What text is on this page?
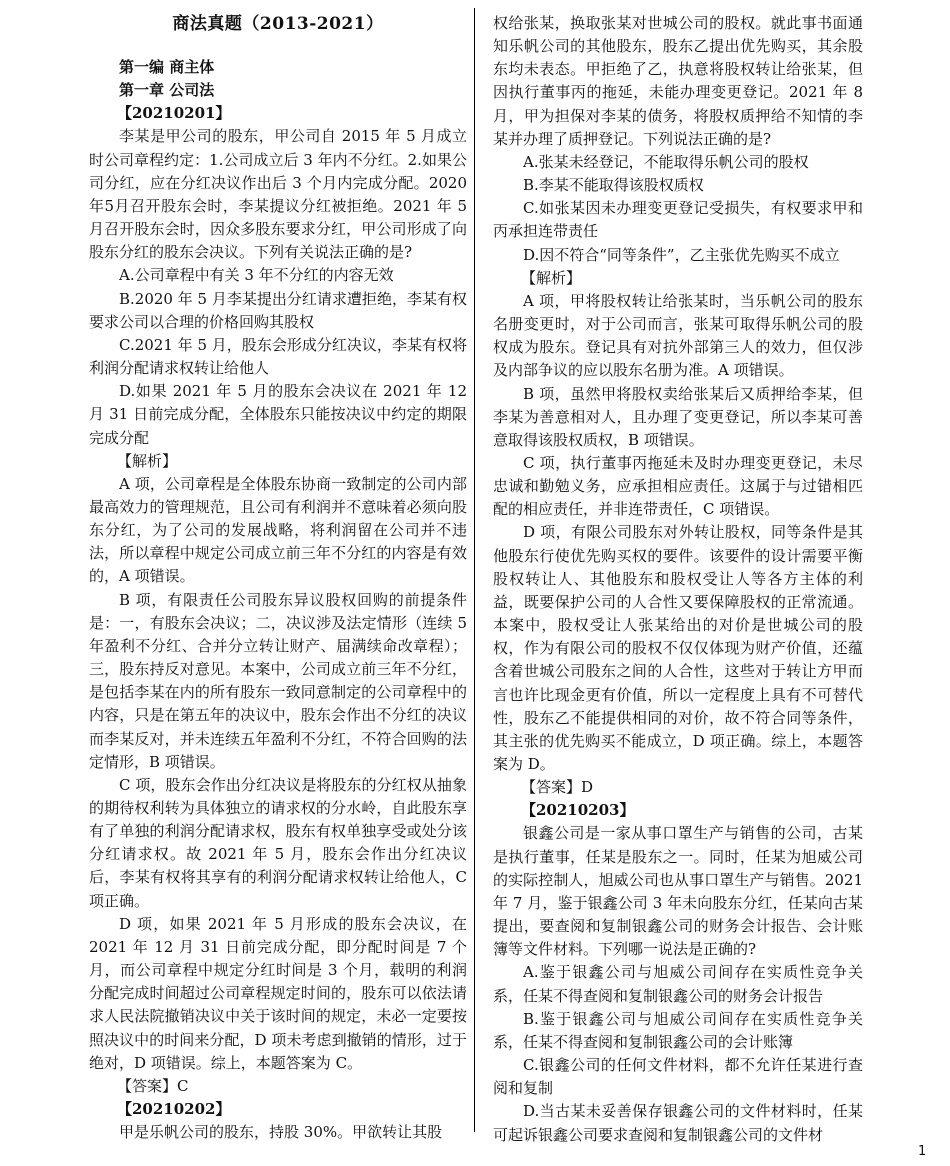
商法真题（2013-2021）

第一编 商主体

第一章 公司法

【20210201】

李某是甲公司的股东，甲公司自 2015 年 5 月成立时公司章程约定：1.公司成立后 3 年内不分红。2.如果公司分红，应在分红决议作出后 3 个月内完成分配。2020年5月召开股东会时，李某提议分红被拒绝。2021 年 5 月召开股东会时，因众多股东要求分红，甲公司形成了向股东分红的股东会决议。下列有关说法正确的是?

A.公司章程中有关 3 年不分红的内容无效

B.2020 年 5 月李某提出分红请求遭拒绝，李某有权要求公司以合理的价格回购其股权

C.2021 年 5 月，股东会形成分红决议，李某有权将利润分配请求权转让给他人

D.如果 2021 年 5 月的股东会决议在 2021 年 12 月 31 日前完成分配，全体股东只能按决议中约定的期限完成分配

【解析】

A 项，公司章程是全体股东协商一致制定的公司内部最高效力的管理规范，且公司有利润并不意味着必须向股东分红，为了公司的发展战略，将利润留在公司并不违法，所以章程中规定公司成立前三年不分红的内容是有效的，A 项错误。

B 项，有限责任公司股东异议股权回购的前提条件是：一，有股东会决议；二，决议涉及法定情形（连续 5 年盈利不分红、合并分立转让财产、届满续命改章程）；三，股东持反对意见。本案中，公司成立前三年不分红，是包括李某在内的所有股东一致同意制定的公司章程中的内容，只是在第五年的决议中，股东会作出不分红的决议而李某反对，并未连续五年盈利不分红，不符合回购的法定情形，B 项错误。

C 项，股东会作出分红决议是将股东的分红权从抽象的期待权利转为具体独立的请求权的分水岭，自此股东享有了单独的利润分配请求权，股东有权单独享受或处分该分红请求权。故 2021 年 5 月，股东会作出分红决议后，李某有权将其享有的利润分配请求权转让给他人，C 项正确。

D 项，如果 2021 年 5 月形成的股东会决议，在 2021 年 12 月 31 日前完成分配，即分配时间是 7 个月，而公司章程中规定分红时间是 3 个月，载明的利润分配完成时间超过公司章程规定时间的，股东可以依法请求人民法院撤销决议中关于该时间的规定，未必一定要按照决议中的时间来分配，D 项未考虑到撤销的情形，过于绝对，D 项错误。综上，本题答案为 C。

【答案】C

【20210202】

甲是乐帆公司的股东，持股 30%。甲欲转让其股

权给张某，换取张某对世城公司的股权。就此事书面通知乐帆公司的其他股东，股东乙提出优先购买，其余股东均未表态。甲拒绝了乙，执意将股权转让给张某，但因执行董事丙的拖延，未能办理变更登记。2021 年 8 月，甲为担保对李某的债务，将股权质押给不知情的李某并办理了质押登记。下列说法正确的是?

A.张某未经登记，不能取得乐帆公司的股权

B.李某不能取得该股权质权

C.如张某因未办理变更登记受损失，有权要求甲和丙承担连带责任

D.因不符合“同等条件”，乙主张优先购买不成立

【解析】

A 项，甲将股权转让给张某时，当乐帆公司的股东名册变更时，对于公司而言，张某可取得乐帆公司的股权成为股东。登记具有对抗外部第三人的效力，但仅涉及内部争议的应以股东名册为准。A 项错误。

B 项，虽然甲将股权卖给张某后又质押给李某，但李某为善意相对人，且办理了变更登记，所以李某可善意取得该股权质权，B 项错误。

C 项，执行董事丙拖延未及时办理变更登记，未尽忠诚和勤勉义务，应承担相应责任。这属于与过错相匹配的相应责任，并非连带责任，C 项错误。

D 项，有限公司股东对外转让股权，同等条件是其他股东行使优先购买权的要件。该要件的设计需要平衡股权转让人、其他股东和股权受让人等各方主体的利益，既要保护公司的人合性又要保障股权的正常流通。本案中，股权受让人张某给出的对价是世城公司的股权，作为有限公司的股权不仅仅体现为财产价值，还蕴含着世城公司股东之间的人合性，这些对于转让方甲而言也许比现金更有价值，所以一定程度上具有不可替代性，股东乙不能提供相同的对价，故不符合同等条件，其主张的优先购买不能成立，D 项正确。综上，本题答案为 D。

【答案】D

【20210203】

银鑫公司是一家从事口罩生产与销售的公司，古某是执行董事，任某是股东之一。同时，任某为旭威公司的实际控制人，旭威公司也从事口罩生产与销售。2021 年 7 月，鉴于银鑫公司 3 年未向股东分红，任某向古某提出，要查阅和复制银鑫公司的财务会计报告、会计账簿等文件材料。下列哪一说法是正确的?

A.鉴于银鑫公司与旭威公司间存在实质性竞争关系，任某不得查阅和复制银鑫公司的财务会计报告

B.鉴于银鑫公司与旭威公司间存在实质性竞争关系，任某不得查阅和复制银鑫公司的会计账簿

C.银鑫公司的任何文件材料，都不允许任某进行查阅和复制

D.当古某未妥善保存银鑫公司的文件材料时，任某可起诉银鑫公司要求查阅和复制银鑫公司的文件材

1
